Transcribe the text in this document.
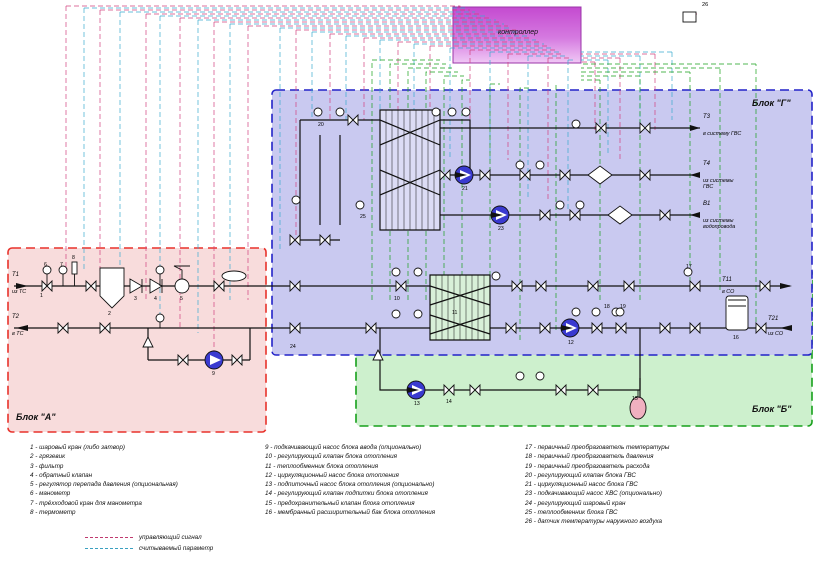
контроллер
Блок "А"
Блок "Б"
Блок "Г"
T1
из ТС
T2
в ТС
T3
в систему ГВС
T4
из системы ГВС
В1
из системы водопровода
Т11
в СО
Т21
из СО
26
6	7
8
1
2
3	4	5
9
24
20
25
21
23
10
11
12
13	14	15
16
17
18 19
1 - шаровый кран (либо затвор)
2 - грязевик
3 - фильтр
4 - обратный клапан
5 - регулятор перепада давления (опциональная)
6 - манометр
7 - трёхходовой кран для манометра
8 - термометр
9 - подкачивающий насос блока ввода (опционально)
10 - регулирующий клапан блока отопления
11 - теплообменник блока отопления
12 - циркуляционный насос блока отопления
13 - подпиточный насос блока отопления (опционально)
14 - регулирующий клапан подпитки блока отопления
15 - предохранительный клапан блока отопления
16 - мембранный расширительный бак блока отопления
17 - первичный преобразователь температуры
18 - первичный преобразователь давления
19 - первичный преобразователь расхода
20 - регулирующий клапан блока ГВС
21 - циркуляционный насос блока ГВС
23 - подкачивающий насос ХВС (опционально)
24 - регулирующий шаровый кран
25 - теплообменник блока ГВС
26 - датчик температуры наружного воздуха
управляющий сигнал
считываемый параметр
